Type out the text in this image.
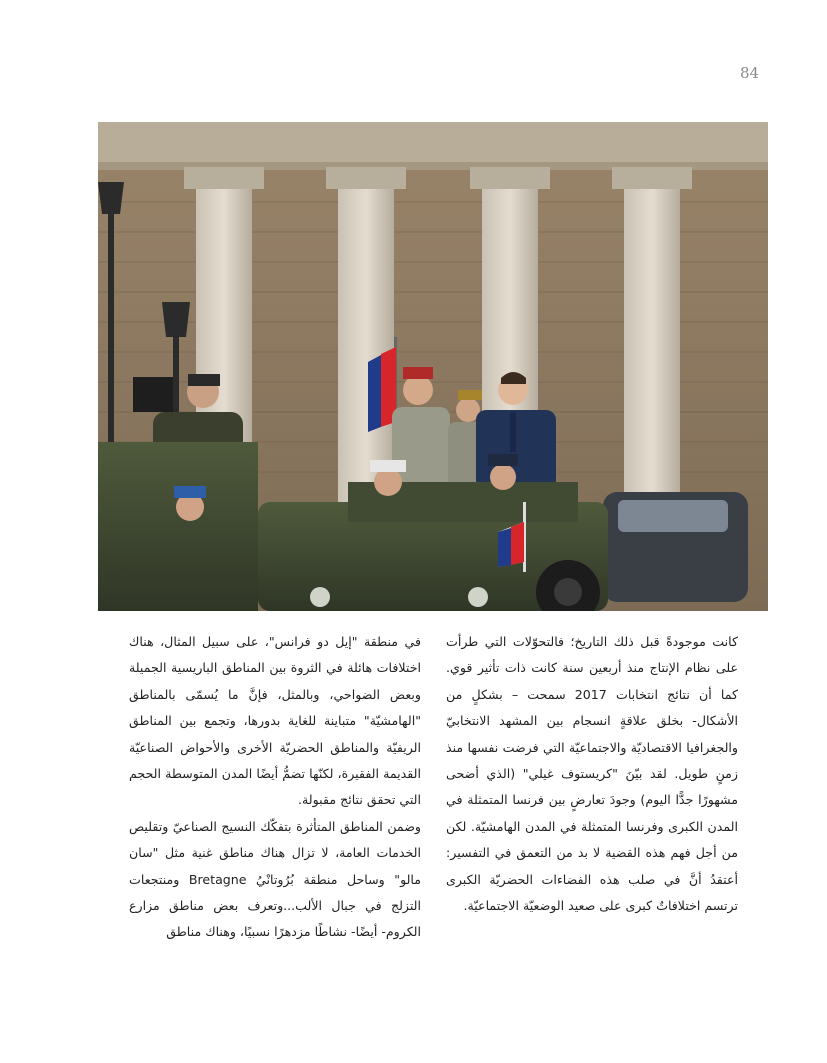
84

كانت موجودةً قبل ذلك التاريخ؛ فالتحوّلات التي طرأت على نظام الإنتاج منذ أربعين سنة كانت ذات تأثير قوي. كما أن نتائج انتخابات 2017 سمحت – بشكلٍ من الأشكال- بخلق علاقةٍ انسجام بين المشهد الانتخابيّ والجغرافيا الاقتصاديّة والاجتماعيّة التي فرضت نفسها منذ زمنٍ طويل. لقد بيّنَ "كريستوف غيلي" (الذي أضحى مشهورًا جدًّا اليوم) وجودَ تعارضٍ بين فرنسا المتمثلة في المدن الكبرى وفرنسا المتمثلة في المدن الهامشيّة. لكن من أجل فهم هذه القضية لا بد من التعمق في التفسير: أعتقدُ أنَّ في صلب هذه الفضاءات الحضريّة الكبرى ترتسم اختلافاتٌ كبرى على صعيد الوضعيّة الاجتماعيّة.

في منطقة "إيل دو فرانس"، على سبيل المثال، هناك اختلافات هائلة في الثروة بين المناطق الباريسية الجميلة وبعض الضواحي، وبالمثل، فإنَّ ما يُسمّى بالمناطق "الهامشيّة" متباينة للغاية بدورها، وتجمع بين المناطق الريفيّة والمناطق الحضريّة الأخرى والأحواض الصناعيّة القديمة الفقيرة، لكنّها تضمُّ أيضًا المدن المتوسطة الحجم التي تحقق نتائج مقبولة.

وضمن المناطق المتأثرة بتفكّك النسيج الصناعيّ وتقليص الخدمات العامة، لا تزال هناك مناطق غنية مثل "سان مالو" وساحل منطقة بُرُوتانْيُ Bretagne ومنتجعات التزلج في جبال الألب...وتعرف بعض مناطق مزارع الكروم- أيضًا- نشاطًا مزدهرًا نسبيًا، وهناك مناطق
